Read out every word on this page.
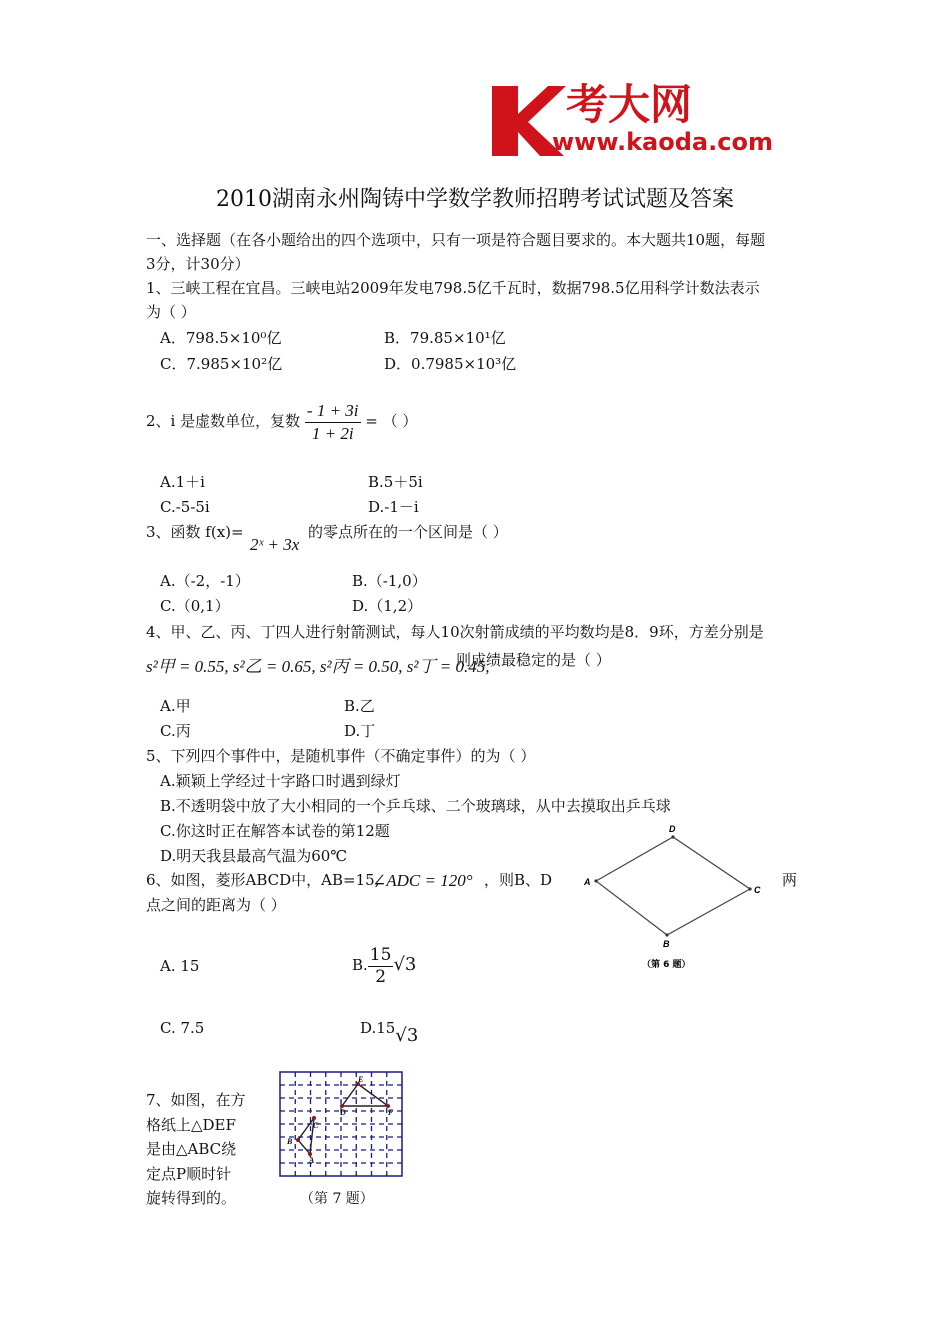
考大网
www.kaoda.com
2010湖南永州陶铸中学数学教师招聘考试试题及答案
一、选择题（在各小题给出的四个选项中，只有一项是符合题目要求的。本大题共10题，每题
3分，计30分）
1、三峡工程在宜昌。三峡电站2009年发电798.5亿千瓦时，数据798.5亿用科学计数法表示
为（ ）
A．798.5×10⁰亿	B．79.85×10¹亿
C．7.985×10²亿	D．0.7985×10³亿
2、i 是虚数单位，复数 $\frac{- 1 + 3i}{1 + 2i}$ = （ ）
A.1＋i	B.5＋5i
C.-5-5i	D.-1－i
3、函数 f(x)=
2ˣ + 3x
的零点所在的一个区间是（ ）
A.（-2，-1）	B.（-1,0）
C.（0,1）	D.（1,2）
4、甲、乙、丙、丁四人进行射箭测试，每人10次射箭成绩的平均数均是8．9环，方差分别是
s²甲 = 0.55, s²乙 = 0.65, s²丙 = 0.50, s²丁 = 0.45,
则成绩最稳定的是（ ）
A.甲	B.乙
C.丙	D.丁
5、下列四个事件中，是随机事件（不确定事件）的为（ ）
A.颖颖上学经过十字路口时遇到绿灯
B.不透明袋中放了大小相同的一个乒乓球、二个玻璃球，从中去摸取出乒乓球
C.你这时正在解答本试卷的第12题
D.明天我县最高气温为60℃
6、如图，菱形ABCD中，AB=15,
∠ADC = 120° ，则B、D	两
点之间的距离为（ ）
A
D
C
B
（第 6 题）
A. 15	B. $\frac{15}{2} √3$
C. 7.5	D.15√3
7、如图，在方
格纸上△DEF
是由△ABC绕
定点P顺时针
旋转得到的。
D
E
F
C
B
A
（第 7 题）
